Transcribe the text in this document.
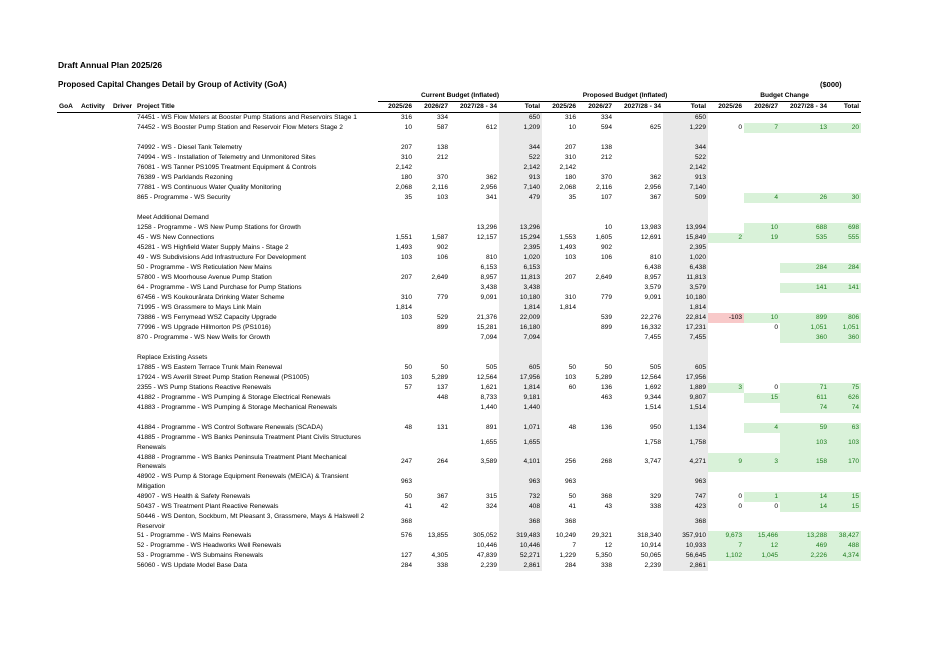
Draft Annual Plan 2025/26
Proposed Capital Changes Detail by Group of Activity (GoA)	($000)
				Current Budget (Inflated)				Proposed Budget (Inflated)				Budget Change			
GoA	Activity	Driver	Project Title	2025/26	2026/27	2027/28 - 34	Total	2025/26	2026/27	2027/28 - 34	Total	2025/26	2026/27	2027/28 - 34	Total
			74451 - WS Flow Meters at Booster Pump Stations and Reservoirs Stage 1	316	334		650	316	334		650				
			74452 - WS Booster Pump Station and Reservoir Flow Meters Stage 2	10	587	612	1,209	10	594	625	1,229	0	7	13	20

			74992 - WS - Diesel Tank Telemetry	207	138		344	207	138		344				
			74994 - WS - Installation of Telemetry and Unmonitored Sites	310	212		522	310	212		522				
			76081 - WS Tanner PS1095 Treatment Equipment & Controls	2,142			2,142	2,142			2,142				
			76389 - WS Parklands Rezoning	180	370	362	913	180	370	362	913				
			77881 - WS Continuous Water Quality Monitoring	2,068	2,116	2,956	7,140	2,068	2,116	2,956	7,140				
			865 - Programme - WS Security	35	103	341	479	35	107	367	509		4	26	30

			Meet Additional Demand												
			1258 - Programme - WS New Pump Stations for Growth			13,296	13,296		10	13,983	13,994		10	688	698
			45 - WS New Connections	1,551	1,587	12,157	15,294	1,553	1,605	12,691	15,849	2	19	535	555
			45281 - WS Highfield Water Supply Mains - Stage 2	1,493	902		2,395	1,493	902		2,395				
			49 - WS Subdivisions Add Infrastructure For Development	103	106	810	1,020	103	106	810	1,020				
			50 - Programme - WS Reticulation New Mains			6,153	6,153			6,438	6,438			284	284
			57800 - WS Moorhouse Avenue Pump Station	207	2,649	8,957	11,813	207	2,649	8,957	11,813				
			64 - Programme - WS Land Purchase for Pump Stations			3,438	3,438			3,579	3,579			141	141
			67456 - WS Koukourārata Drinking Water Scheme	310	779	9,091	10,180	310	779	9,091	10,180				
			71995 - WS Grassmere to Mays Link Main	1,814			1,814	1,814			1,814				
			73886 - WS Ferrymead WSZ Capacity Upgrade	103	529	21,376	22,009		539	22,276	22,814	-103	10	899	806
			77996 - WS Upgrade Hillmorton PS (PS1016)		899	15,281	16,180		899	16,332	17,231		0	1,051	1,051
			870 - Programme - WS New Wells for Growth			7,094	7,094			7,455	7,455			360	360

			Replace Existing Assets												
			17885 - WS Eastern Terrace Trunk Main Renewal	50	50	505	605	50	50	505	605				
			17924 - WS Averill Street Pump Station Renewal (PS1005)	103	5,289	12,564	17,956	103	5,289	12,564	17,956				
			2355 - WS Pump Stations Reactive Renewals	57	137	1,621	1,814	60	136	1,692	1,889	3	0	71	75
			41882 - Programme - WS Pumping & Storage Electrical Renewals		448	8,733	9,181		463	9,344	9,807		15	611	626
			41883 - Programme - WS Pumping & Storage Mechanical Renewals			1,440	1,440			1,514	1,514			74	74

			41884 - Programme - WS Control Software Renewals (SCADA)	48	131	891	1,071	48	136	950	1,134		4	59	63
			41885 - Programme - WS Banks Peninsula Treatment Plant Civils Structures Renewals			1,655	1,655			1,758	1,758			103	103
			41888 - Programme - WS Banks Peninsula Treatment Plant Mechanical Renewals	247	264	3,589	4,101	256	268	3,747	4,271	9	3	158	170
			48902 - WS Pump & Storage Equipment Renewals (MEICA) & Transient Mitigation	963			963	963			963				
			48907 - WS Health & Safety Renewals	50	367	315	732	50	368	329	747	0	1	14	15
			50437 - WS Treatment Plant Reactive Renewals	41	42	324	408	41	43	338	423	0	0	14	15
			50446 - WS Denton, Sockburn, Mt Pleasant 3, Grassmere, Mays & Halswell 2 Reservoir	368			368	368			368				
			51 - Programme - WS Mains Renewals	576	13,855	305,052	319,483	10,249	29,321	318,340	357,910	9,673	15,466	13,288	38,427
			52 - Programme - WS Headworks Well Renewals			10,446	10,446	7	12	10,914	10,933	7	12	469	488
			53 - Programme - WS Submains Renewals	127	4,305	47,839	52,271	1,229	5,350	50,065	56,645	1,102	1,045	2,226	4,374
			56060 - WS Update Model Base Data	284	338	2,239	2,861	284	338	2,239	2,861				
